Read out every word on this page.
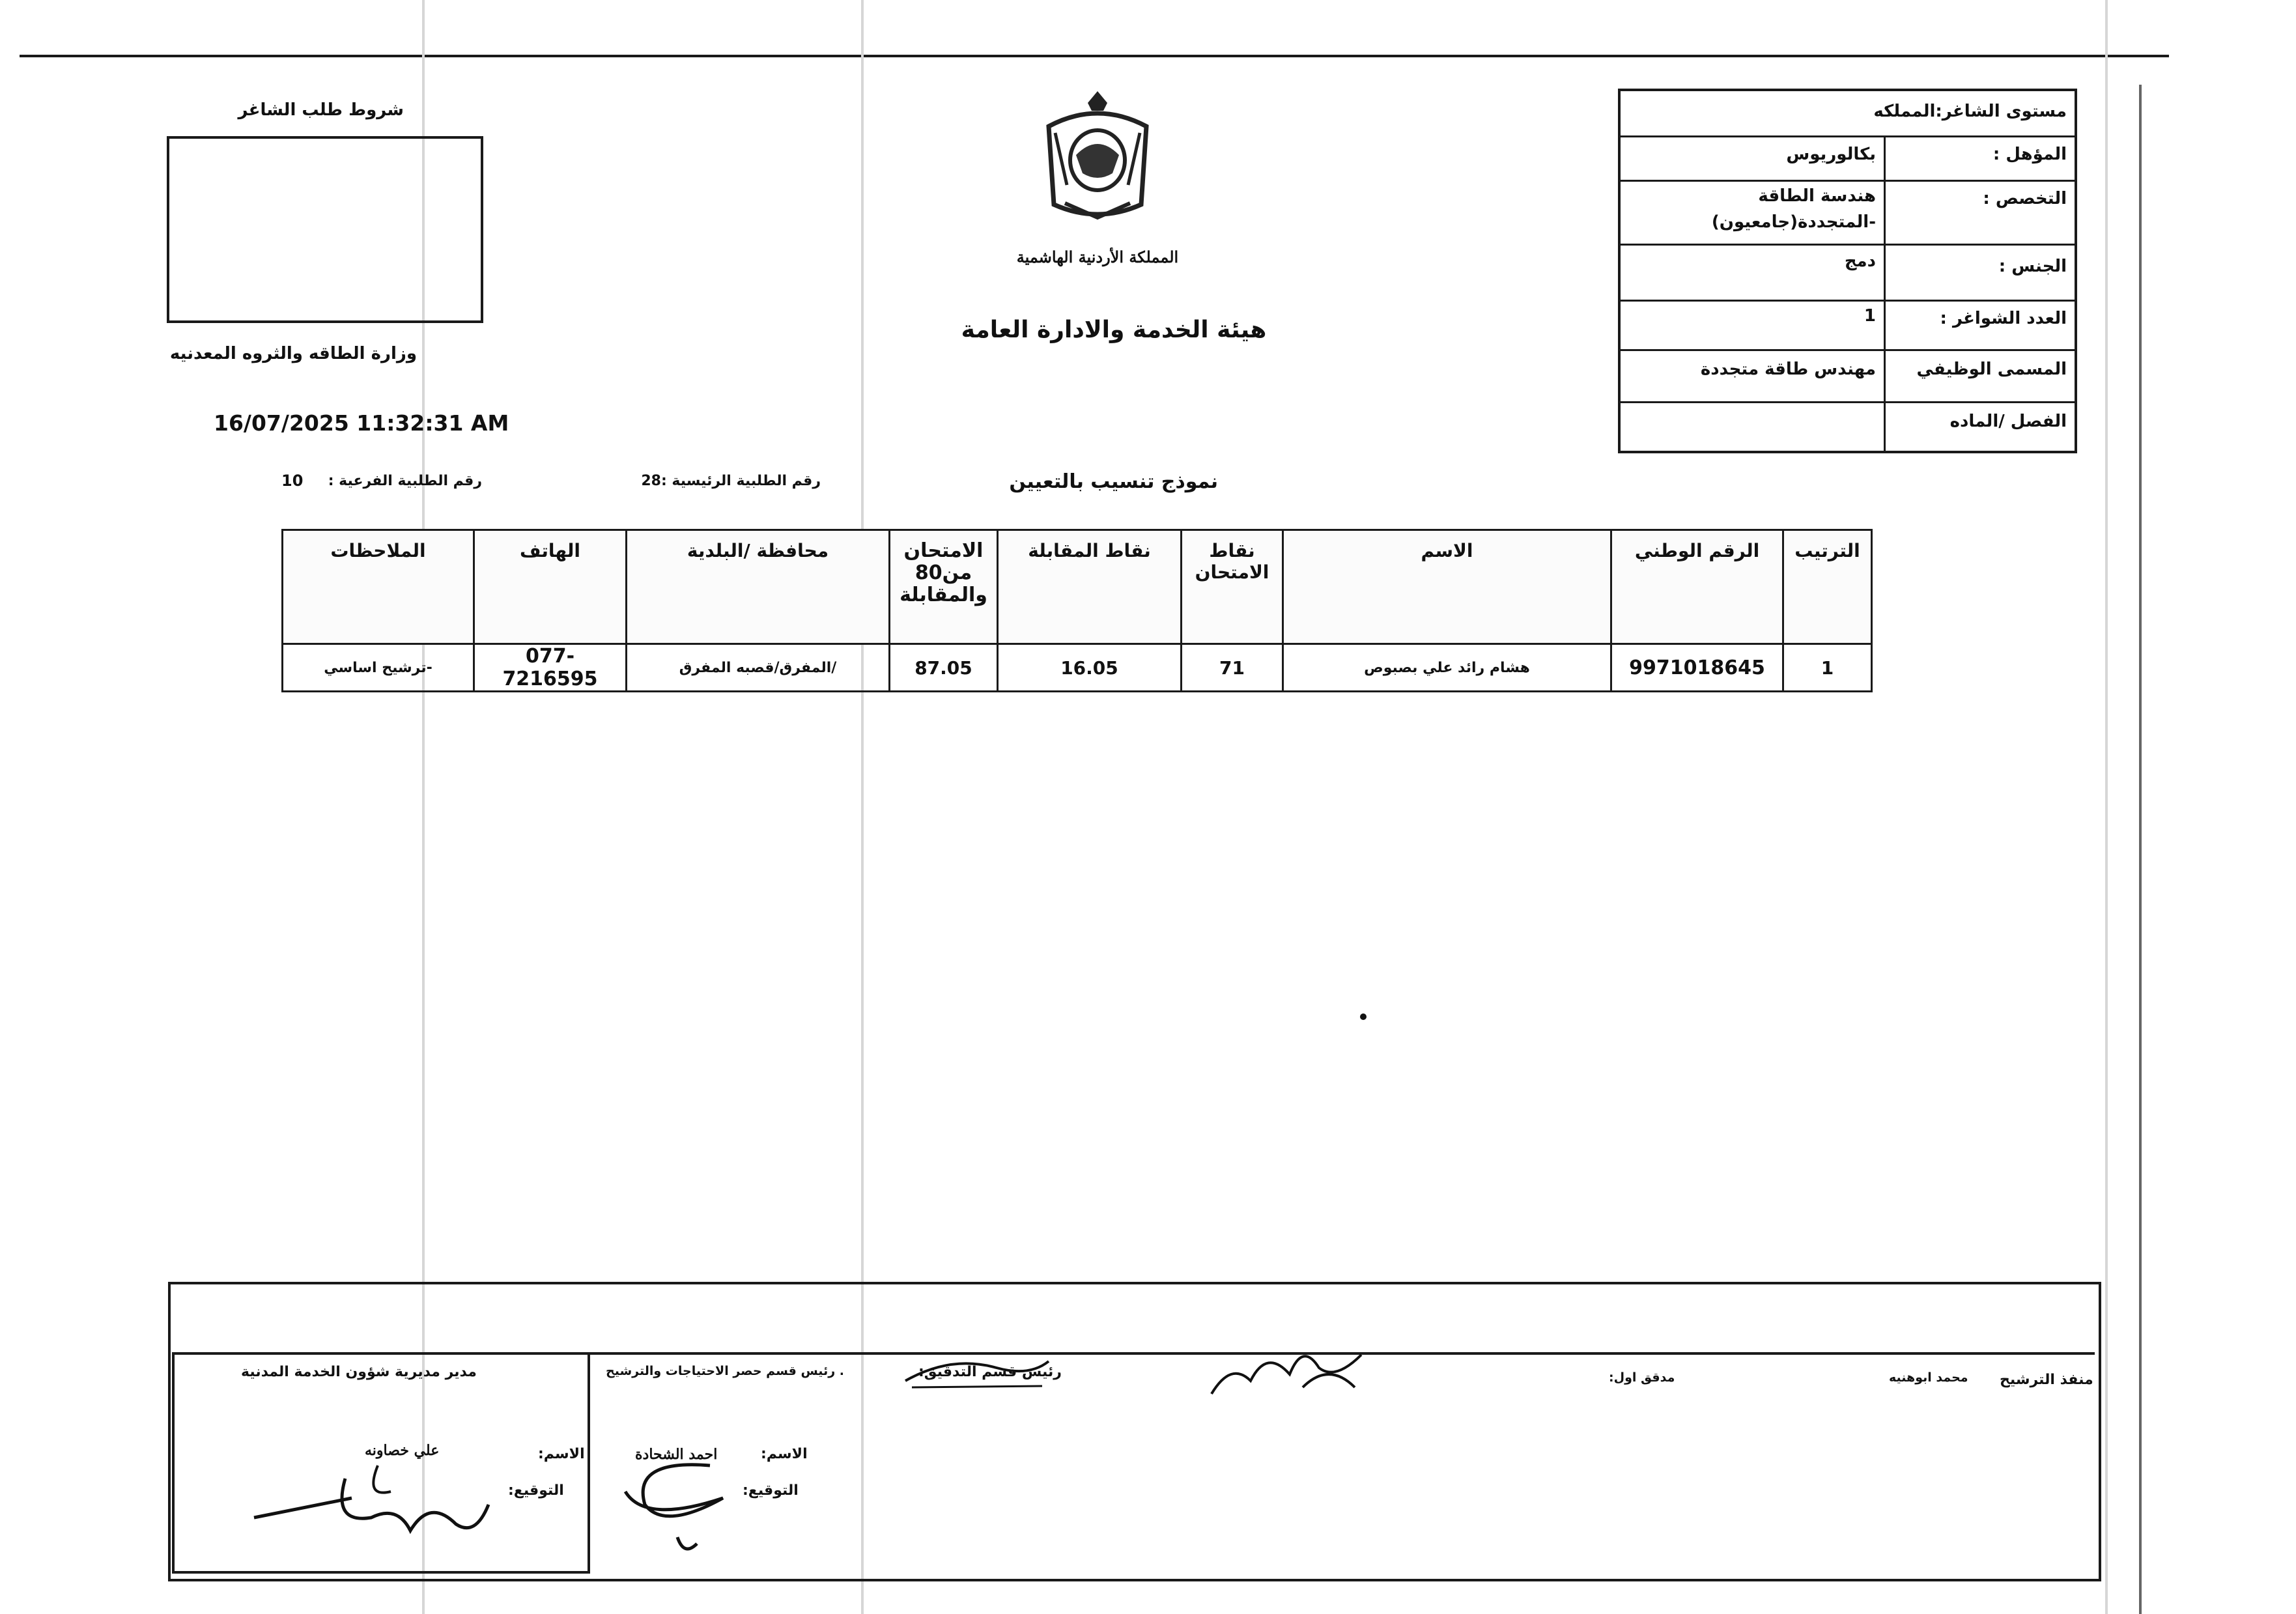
المملكة الأردنية الهاشمية
هيئة الخدمة والادارة العامة
شروط طلب الشاغر
وزارة الطاقه والثروه المعدنيه
16/07/2025 11:32:31 AM
نموذج تنسيب بالتعيين
رقم الطلبية الرئيسية :28
رقم الطلبية الفرعية :
10
مستوى الشاغر:المملكه
المؤهل :
بكالوريوس
التخصص :
هندسة الطاقة
-المتجددة(جامعيون)
الجنس :
دمج
العدد الشواغر :
1
المسمى الوظيفي
مهندس طاقة متجددة
الفصل /الماده
الترتيب	الرقم الوطني	الاسم	نقاط الامتحان	نقاط المقابلة	الامتحان
من80
والمقابلة	محافظة /البلدية	الهاتف	الملاحظات
1	9971018645	هشام رائد علي بصبوص	71	16.05	87.05	/المفرق/قصبه المفرق	077-7216595	-ترشيح اساسي
منفذ الترشيح
محمد ابوهنيه
مدقق اول:
رئيس قسم التدقيق:
. رئيس قسم حصر الاحتياجات والترشيح
مدير مديرية شؤون الخدمة المدنية
الاسم:
احمد الشحادة
التوقيع:
الاسم:
علي خصاونه
التوقيع:
